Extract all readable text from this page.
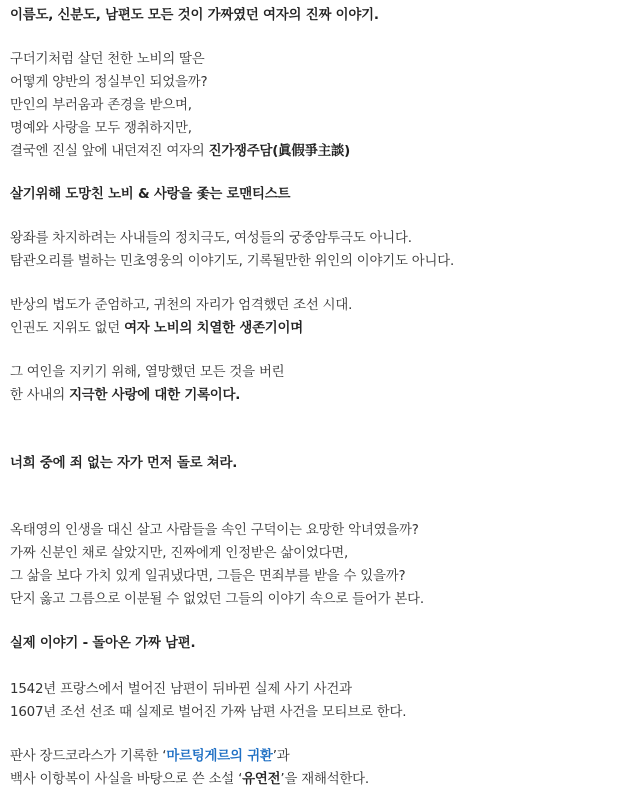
이름도, 신분도, 남편도 모든 것이 가짜였던 여자의 진짜 이야기.
구더기처럼 살던 천한 노비의 딸은
어떻게 양반의 정실부인 되었을까?
만인의 부러움과 존경을 받으며,
명예와 사랑을 모두 쟁취하지만,
결국엔 진실 앞에 내던져진 여자의 진가쟁주담(眞假爭主談)
살기위해 도망친 노비 & 사랑을 좇는 로맨티스트
왕좌를 차지하려는 사내들의 정치극도, 여성들의 궁중암투극도 아니다.
탐관오리를 벌하는 민초영웅의 이야기도, 기록될만한 위인의 이야기도 아니다.
반상의 법도가 준엄하고, 귀천의 자리가 엄격했던 조선 시대.
인권도 지위도 없던 여자 노비의 치열한 생존기이며
그 여인을 지키기 위해, 열망했던 모든 것을 버린
한 사내의 지극한 사랑에 대한 기록이다.
너희 중에 죄 없는 자가 먼저 돌로 쳐라.
옥태영의 인생을 대신 살고 사람들을 속인 구덕이는 요망한 악녀였을까?
가짜 신분인 채로 살았지만, 진짜에게 인정받은 삶이었다면,
그 삶을 보다 가치 있게 일궈냈다면, 그들은 면죄부를 받을 수 있을까?
단지 옳고 그름으로 이분될 수 없었던 그들의 이야기 속으로 들어가 본다.
실제 이야기 - 돌아온 가짜 남편.
1542년 프랑스에서 벌어진 남편이 뒤바뀐 실제 사기 사건과
1607년 조선 선조 때 실제로 벌어진 가짜 남편 사건을 모티브로 한다.
판사 장드코라스가 기록한 ‘마르팅게르의 귀환’과
백사 이항복이 사실을 바탕으로 쓴 소설 ‘유연전’을 재해석한다.
